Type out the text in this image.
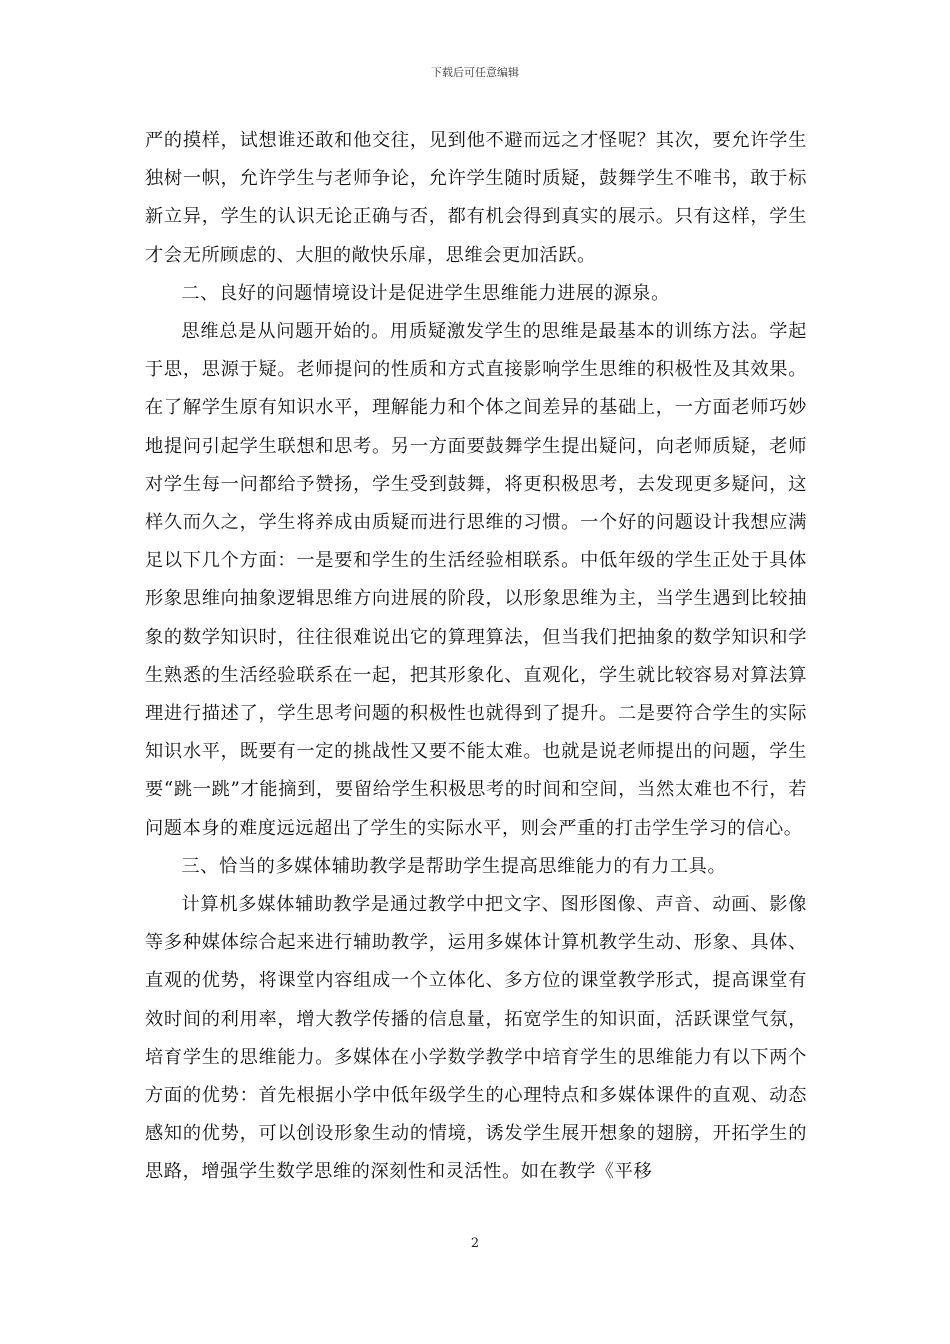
下载后可任意编辑

严的摸样，试想谁还敢和他交往，见到他不避而远之才怪呢？其次，要允许学生独树一帜，允许学生与老师争论，允许学生随时质疑，鼓舞学生不唯书，敢于标新立异，学生的认识无论正确与否，都有机会得到真实的展示。只有这样，学生才会无所顾虑的、大胆的敞快乐扉，思维会更加活跃。

二、良好的问题情境设计是促进学生思维能力进展的源泉。

思维总是从问题开始的。用质疑激发学生的思维是最基本的训练方法。学起于思，思源于疑。老师提问的性质和方式直接影响学生思维的积极性及其效果。在了解学生原有知识水平，理解能力和个体之间差异的基础上，一方面老师巧妙地提问引起学生联想和思考。另一方面要鼓舞学生提出疑问，向老师质疑，老师对学生每一问都给予赞扬，学生受到鼓舞，将更积极思考，去发现更多疑问，这样久而久之，学生将养成由质疑而进行思维的习惯。一个好的问题设计我想应满足以下几个方面：一是要和学生的生活经验相联系。中低年级的学生正处于具体形象思维向抽象逻辑思维方向进展的阶段，以形象思维为主，当学生遇到比较抽象的数学知识时，往往很难说出它的算理算法，但当我们把抽象的数学知识和学生熟悉的生活经验联系在一起，把其形象化、直观化，学生就比较容易对算法算理进行描述了，学生思考问题的积极性也就得到了提升。二是要符合学生的实际知识水平，既要有一定的挑战性又要不能太难。也就是说老师提出的问题，学生要“跳一跳”才能摘到，要留给学生积极思考的时间和空间，当然太难也不行，若问题本身的难度远远超出了学生的实际水平，则会严重的打击学生学习的信心。

三、恰当的多媒体辅助教学是帮助学生提高思维能力的有力工具。

计算机多媒体辅助教学是通过教学中把文字、图形图像、声音、动画、影像等多种媒体综合起来进行辅助教学，运用多媒体计算机教学生动、形象、具体、直观的优势，将课堂内容组成一个立体化、多方位的课堂教学形式，提高课堂有效时间的利用率，增大教学传播的信息量，拓宽学生的知识面，活跃课堂气氛，培育学生的思维能力。多媒体在小学数学教学中培育学生的思维能力有以下两个方面的优势：首先根据小学中低年级学生的心理特点和多媒体课件的直观、动态感知的优势，可以创设形象生动的情境，诱发学生展开想象的翅膀，开拓学生的思路，增强学生数学思维的深刻性和灵活性。如在教学《平移

2
